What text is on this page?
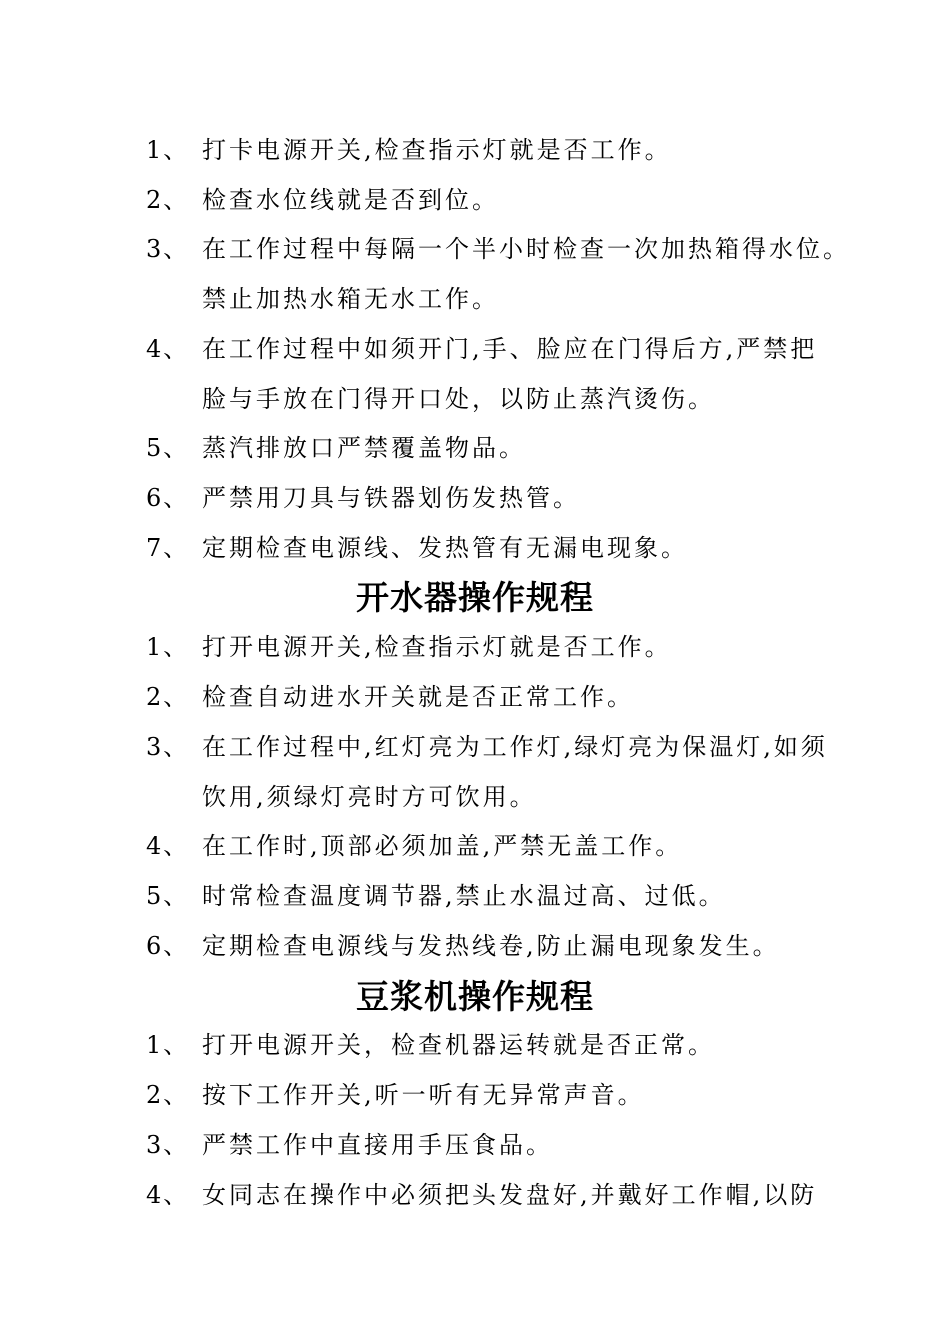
1、 打卡电源开关,检查指示灯就是否工作。
2、 检查水位线就是否到位。
3、 在工作过程中每隔一个半小时检查一次加热箱得水位。
禁止加热水箱无水工作。
4、 在工作过程中如须开门,手、脸应在门得后方,严禁把
脸与手放在门得开口处，以防止蒸汽烫伤。
5、 蒸汽排放口严禁覆盖物品。
6、 严禁用刀具与铁器划伤发热管。
7、 定期检查电源线、发热管有无漏电现象。
开水器操作规程
1、 打开电源开关,检查指示灯就是否工作。
2、 检查自动进水开关就是否正常工作。
3、 在工作过程中,红灯亮为工作灯,绿灯亮为保温灯,如须
饮用,须绿灯亮时方可饮用。
4、 在工作时,顶部必须加盖,严禁无盖工作。
5、 时常检查温度调节器,禁止水温过高、过低。
6、 定期检查电源线与发热线卷,防止漏电现象发生。
豆浆机操作规程
1、 打开电源开关，检查机器运转就是否正常。
2、 按下工作开关,听一听有无异常声音。
3、 严禁工作中直接用手压食品。
4、 女同志在操作中必须把头发盘好,并戴好工作帽,以防
